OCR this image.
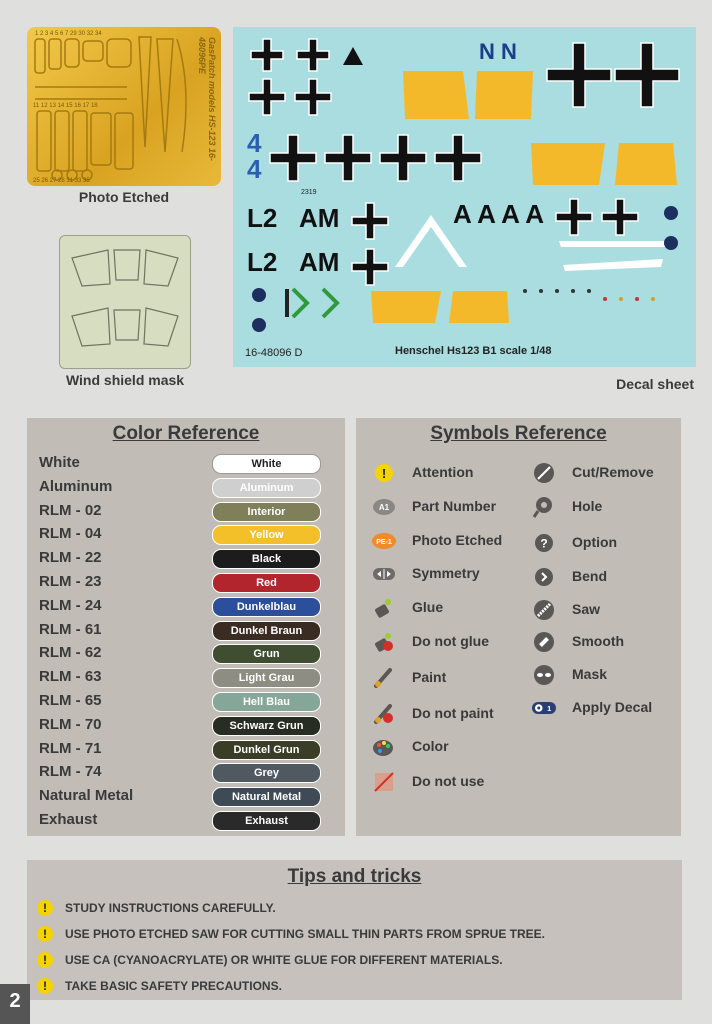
1 2 3 4 5 6 7 29 30 32 34
11 12 13 14 15 16 17 18
25 26 27 28 31 33 35
GasPatch models HS-123 16-48096PE
Photo Etched
Wind shield mask
N N
4
4
L2
L2
AM
AM
A A A A
2319
16-48096 D	Henschel Hs123 B1 scale 1/48
Decal sheet
Color Reference
White	White
Aluminum	Aluminum
RLM - 02	Interior
RLM - 04	Yellow
RLM - 22	Black
RLM - 23	Red
RLM - 24	Dunkelblau
RLM - 61	Dunkel Braun
RLM - 62	Grun
RLM - 63	Light Grau
RLM - 65	Hell Blau
RLM - 70	Schwarz Grun
RLM - 71	Dunkel Grun
RLM - 74	Grey
Natural Metal	Natural Metal
Exhaust	Exhaust
Symbols Reference
! Attention
A1 Part Number
PE-1 Photo Etched
Symmetry
Glue
Do not glue
Paint
Do not paint
Color
Do not use
Cut/Remove
Hole
? Option
Bend
Saw
Smooth
Mask
1 Apply Decal
Tips and tricks
!	STUDY INSTRUCTIONS CAREFULLY.
!	USE PHOTO ETCHED SAW FOR CUTTING SMALL THIN PARTS FROM SPRUE TREE.
!	USE CA (CYANOACRYLATE) OR WHITE GLUE FOR DIFFERENT MATERIALS.
!	TAKE BASIC SAFETY PRECAUTIONS.
2
